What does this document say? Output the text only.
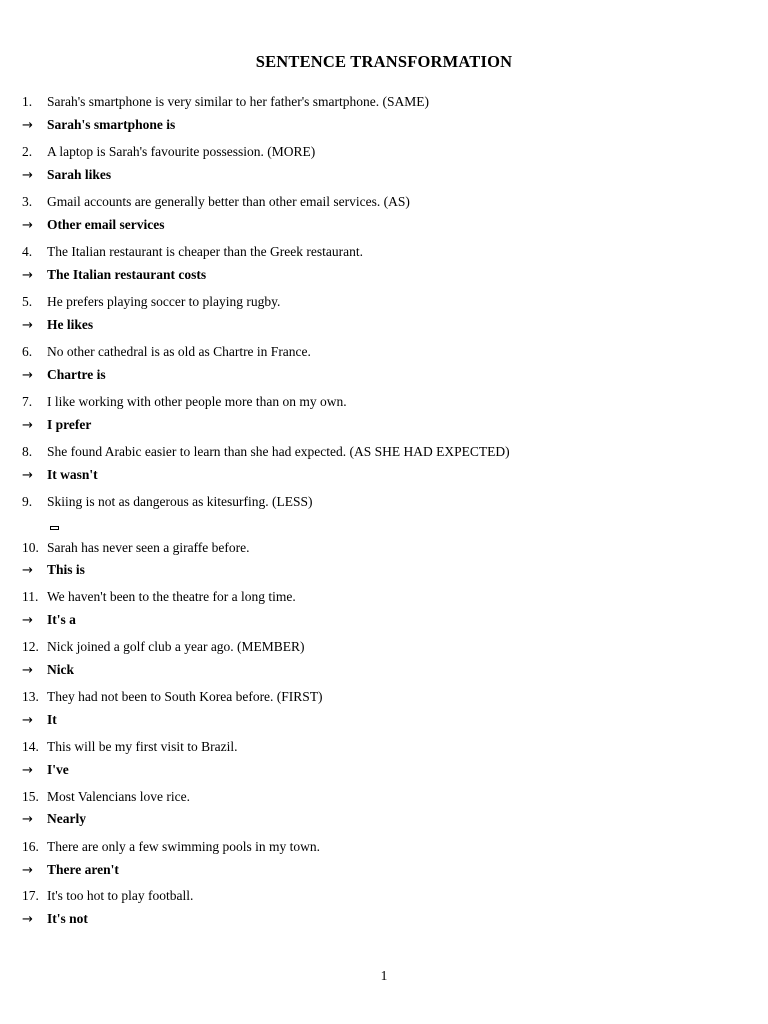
SENTENCE TRANSFORMATION
1. Sarah's smartphone is very similar to her father's smartphone. (SAME)
→ Sarah's smartphone is
2. A laptop is Sarah's favourite possession. (MORE)
→ Sarah likes
3. Gmail accounts are generally better than other email services. (AS)
→ Other email services
4. The Italian restaurant is cheaper than the Greek restaurant.
→ The Italian restaurant costs
5. He prefers playing soccer to playing rugby.
→ He likes
6. No other cathedral is as old as Chartre in France.
→ Chartre is
7. I like working with other people more than on my own.
→ I prefer
8. She found Arabic easier to learn than she had expected. (AS SHE HAD EXPECTED)
→ It wasn't
9. Skiing is not as dangerous as kitesurfing. (LESS)
10. Sarah has never seen a giraffe before.
→ This is
11. We haven't been to the theatre for a long time.
→ It's a
12. Nick joined a golf club a year ago. (MEMBER)
→ Nick
13. They had not been to South Korea before. (FIRST)
→ It
14. This will be my first visit to Brazil.
→ I've
15. Most Valencians love rice.
→ Nearly
16. There are only a few swimming pools in my town.
→ There aren't
17. It's too hot to play football.
→ It's not
1
